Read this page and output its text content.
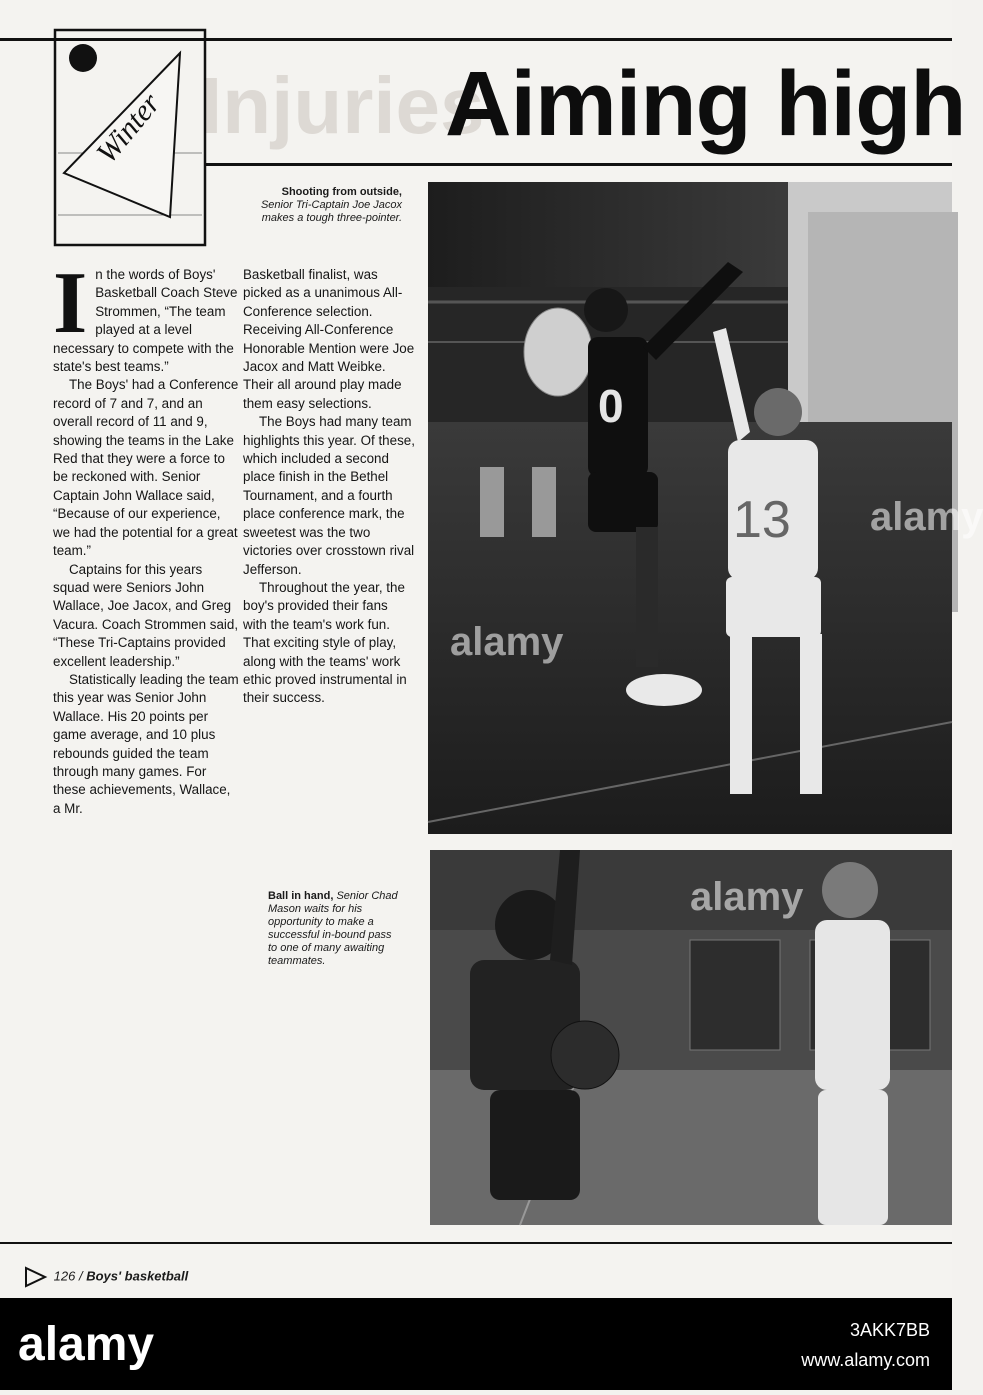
Injuries
Winter	Aiming high
Shooting from outside,
Senior Tri-Captain Joe Jacox makes a tough three-pointer.

In the words of Boys' Basketball Coach Steve Strommen, “The team played at a level necessary to compete with the state's best teams.”

The Boys' had a Conference record of 7 and 7, and an overall record of 11 and 9, showing the teams in the Lake Red that they were a force to be reckoned with. Senior Captain John Wallace said, “Because of our experience, we had the potential for a great team.”

Captains for this years squad were Seniors John Wallace, Joe Jacox, and Greg Vacura. Coach Strommen said, “These Tri-Captains provided excellent leadership.”

Statistically leading the team this year was Senior John Wallace. His 20 points per game average, and 10 plus rebounds guided the team through many games. For these achievements, Wallace, a Mr.

Basketball finalist, was picked as a unanimous All-Conference selection. Receiving All-Conference Honorable Mention were Joe Jacox and Matt Weibke. Their all around play made them easy selections.

The Boys had many team highlights this year. Of these, which included a second place finish in the Bethel Tournament, and a fourth place conference mark, the sweetest was the two victories over crosstown rival Jefferson.

Throughout the year, the boy's provided their fans with the team's work fun. That exciting style of play, along with the teams' work ethic proved instrumental in their success.

Ball in hand, Senior Chad Mason waits for his opportunity to make a successful in-bound pass to one of many awaiting teammates.
0
13
126 / Boys' basketball
alamy
alamy
alamy
alamy	3AKK7BB
www.alamy.com
